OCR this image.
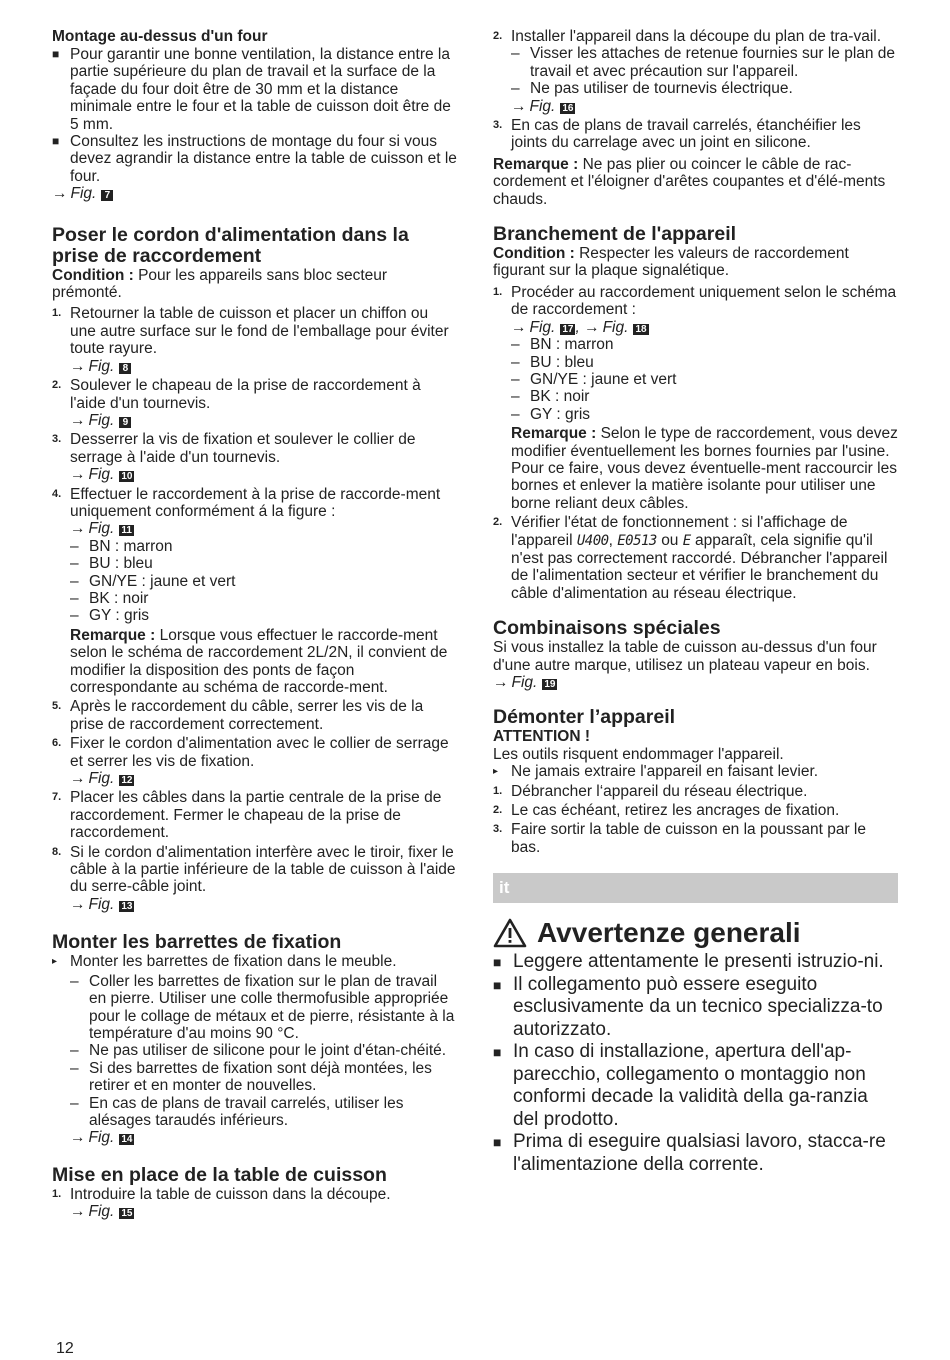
Montage au-dessus d'un four
■ Pour garantir une bonne ventilation, la distance entre la partie supérieure du plan de travail et la surface de la façade du four doit être de 30 mm et la distance minimale entre le four et la table de cuisson doit être de 5 mm.
■ Consultez les instructions de montage du four si vous devez agrandir la distance entre la table de cuisson et le four.
→ Fig. 7
Poser le cordon d'alimentation dans la prise de raccordement

Condition : Pour les appareils sans bloc secteur prémonté.

1. Retourner la table de cuisson et placer un chiffon ou une autre surface sur le fond de l'emballage pour éviter toute rayure.
→ Fig. 8
2. Soulever le chapeau de la prise de raccordement à l'aide d'un tournevis.
→ Fig. 9
3. Desserrer la vis de fixation et soulever le collier de serrage à l'aide d'un tournevis.
→ Fig. 10
4. Effectuer le raccordement à la prise de raccorde-ment uniquement conformément á la figure :
→ Fig. 11
– BN : marron
– BU : bleu
– GN/YE : jaune et vert
– BK : noir
– GY : gris

Remarque : Lorsque vous effectuer le raccorde-ment selon le schéma de raccordement 2L/2N, il convient de modifier la disposition des ponts de façon correspondante au schéma de raccorde-ment.

5. Après le raccordement du câble, serrer les vis de la prise de raccordement correctement.
6. Fixer le cordon d'alimentation avec le collier de serrage et serrer les vis de fixation.
→ Fig. 12
7. Placer les câbles dans la partie centrale de la prise de raccordement. Fermer le chapeau de la prise de raccordement.
8. Si le cordon d'alimentation interfère avec le tiroir, fixer le câble à la partie inférieure de la table de cuisson à l'aide du serre-câble joint.
→ Fig. 13
Monter les barrettes de fixation
▸ Monter les barrettes de fixation dans le meuble.
– Coller les barrettes de fixation sur le plan de travail en pierre. Utiliser une colle thermofusible appropriée pour le collage de métaux et de pierre, résistante à la température d'au moins 90 °C.
– Ne pas utiliser de silicone pour le joint d'étan-chéité.
– Si des barrettes de fixation sont déjà montées, les retirer et en monter de nouvelles.
– En cas de plans de travail carrelés, utiliser les alésages taraudés inférieurs.
→ Fig. 14
Mise en place de la table de cuisson
1. Introduire la table de cuisson dans la découpe.
→ Fig. 15
2. Installer l'appareil dans la découpe du plan de tra-vail.
– Visser les attaches de retenue fournies sur le plan de travail et avec précaution sur l'appareil.
– Ne pas utiliser de tournevis électrique.
→ Fig. 16
3. En cas de plans de travail carrelés, étanchéifier les joints du carrelage avec un joint en silicone.

Remarque : Ne pas plier ou coincer le câble de rac-cordement et l'éloigner d'arêtes coupantes et d'élé-ments chauds.

Branchement de l'appareil

Condition : Respecter les valeurs de raccordement figurant sur la plaque signalétique.

1. Procéder au raccordement uniquement selon le schéma de raccordement :
→ Fig. 17 , → Fig. 18
– BN : marron
– BU : bleu
– GN/YE : jaune et vert
– BK : noir
– GY : gris

Remarque : Selon le type de raccordement, vous devez modifier éventuellement les bornes fournies par l'usine. Pour ce faire, vous devez éventuelle-ment raccourcir les bornes et enlever la matière isolante pour utiliser une borne reliant deux câbles.

2. Vérifier l'état de fonctionnement : si l'affichage de l'appareil U400, E0513 ou E apparaît, cela signifie qu'il n'est pas correctement raccordé. Débrancher l'appareil de l'alimentation secteur et vérifier le branchement du câble d'alimentation au réseau électrique.

Combinaisons spéciales

Si vous installez la table de cuisson au-dessus d'un four d'une autre marque, utilisez un plateau vapeur en bois.

→ Fig. 19
Démonter l’appareil

ATTENTION !

Les outils risquent endommager l'appareil.

▸ Ne jamais extraire l'appareil en faisant levier.
1. Débrancher l‘appareil du réseau électrique.
2. Le cas échéant, retirez les ancrages de fixation.
3. Faire sortir la table de cuisson en la poussant par le bas.
it
Avvertenze generali
■ Leggere attentamente le presenti istruzio-ni.
■ Il collegamento può essere eseguito esclusivamente da un tecnico specializza-to autorizzato.
■ In caso di installazione, apertura dell'ap-parecchio, collegamento o montaggio non conformi decade la validità della ga-ranzia del prodotto.
■ Prima di eseguire qualsiasi lavoro, stacca-re l'alimentazione della corrente.
12
